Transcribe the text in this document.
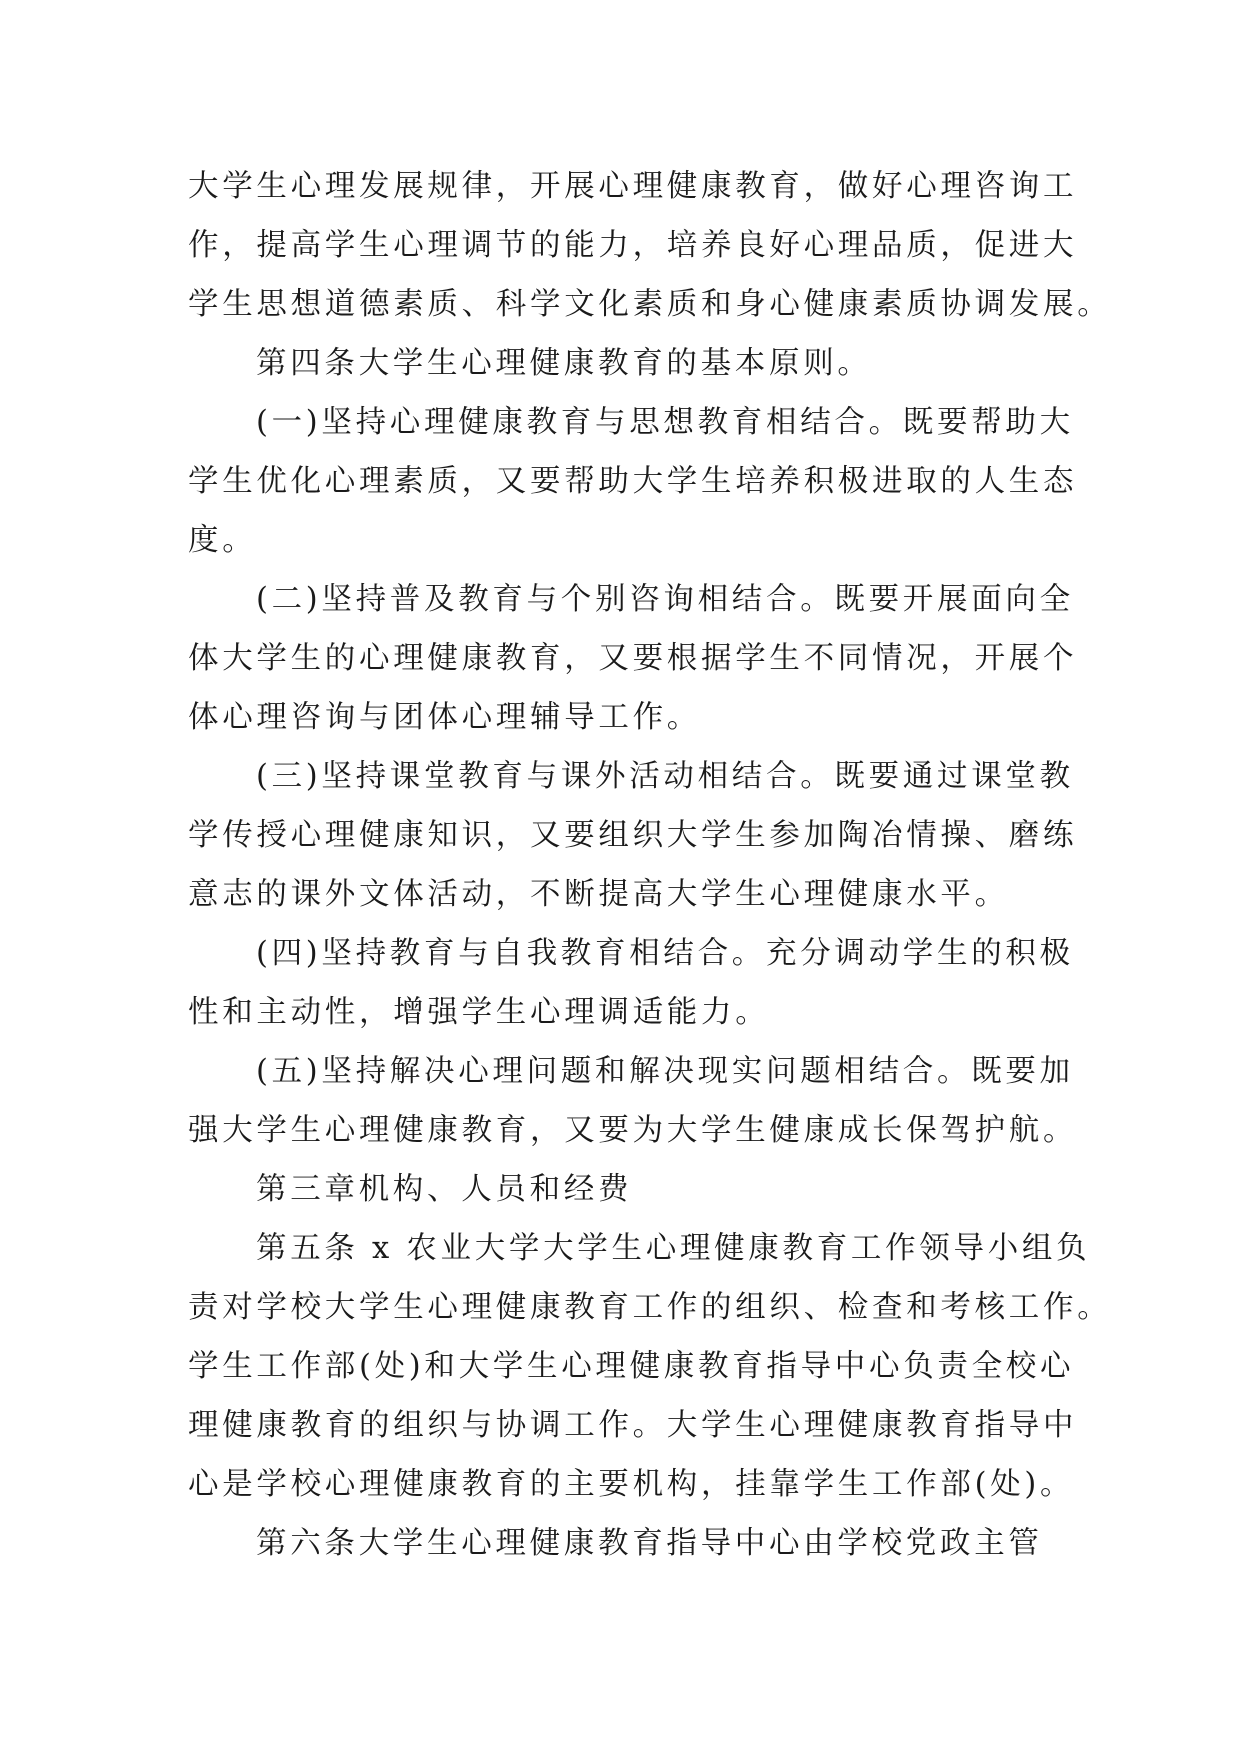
大学生心理发展规律，开展心理健康教育，做好心理咨询工
作，提高学生心理调节的能力，培养良好心理品质，促进大
学生思想道德素质、科学文化素质和身心健康素质协调发展。
第四条大学生心理健康教育的基本原则。
(一)坚持心理健康教育与思想教育相结合。既要帮助大
学生优化心理素质，又要帮助大学生培养积极进取的人生态
度。
(二)坚持普及教育与个别咨询相结合。既要开展面向全
体大学生的心理健康教育，又要根据学生不同情况，开展个
体心理咨询与团体心理辅导工作。
(三)坚持课堂教育与课外活动相结合。既要通过课堂教
学传授心理健康知识，又要组织大学生参加陶冶情操、磨练
意志的课外文体活动，不断提高大学生心理健康水平。
(四)坚持教育与自我教育相结合。充分调动学生的积极
性和主动性，增强学生心理调适能力。
(五)坚持解决心理问题和解决现实问题相结合。既要加
强大学生心理健康教育，又要为大学生健康成长保驾护航。
第三章机构、人员和经费
第五条 x 农业大学大学生心理健康教育工作领导小组负
责对学校大学生心理健康教育工作的组织、检查和考核工作。
学生工作部(处)和大学生心理健康教育指导中心负责全校心
理健康教育的组织与协调工作。大学生心理健康教育指导中
心是学校心理健康教育的主要机构，挂靠学生工作部(处)。
第六条大学生心理健康教育指导中心由学校党政主管
